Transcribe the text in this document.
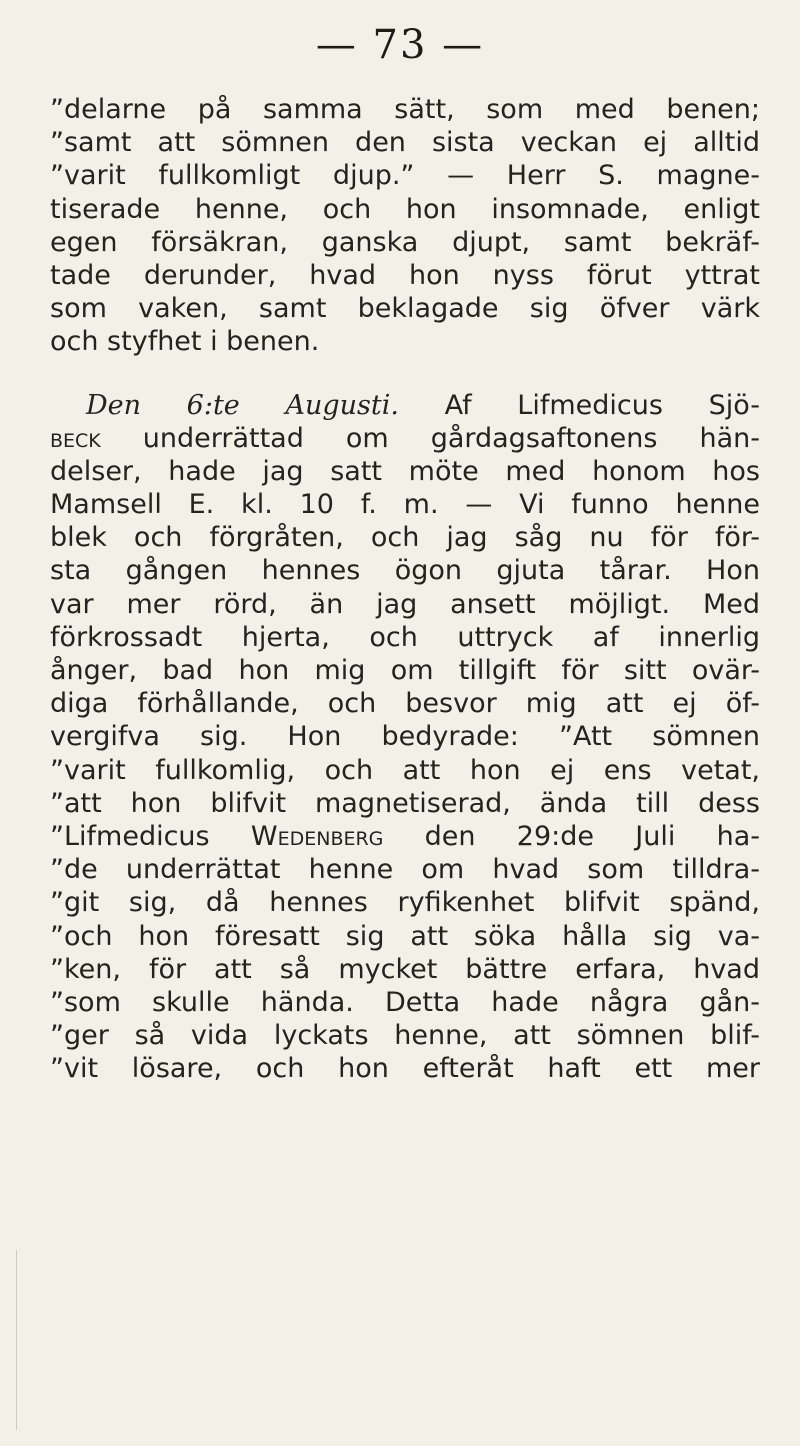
— 73 —
”delarne på samma sätt, som med benen;
”samt att sömnen den sista veckan ej alltid
”varit fullkomligt djup.” — Herr S. magne-
tiserade henne, och hon insomnade, enligt
egen försäkran, ganska djupt, samt bekräf-
tade derunder, hvad hon nyss förut yttrat
som vaken, samt beklagade sig öfver värk
och styfhet i benen.
Den 6:te Augusti. Af Lifmedicus Sjö-
beck underrättad om gårdagsaftonens hän-
delser, hade jag satt möte med honom hos
Mamsell E. kl. 10 f. m. — Vi funno henne
blek och förgråten, och jag såg nu för för-
sta gången hennes ögon gjuta tårar. Hon
var mer rörd, än jag ansett möjligt. Med
förkrossadt hjerta, och uttryck af innerlig
ånger, bad hon mig om tillgift för sitt ovär-
diga förhållande, och besvor mig att ej öf-
vergifva sig. Hon bedyrade: ”Att sömnen
”varit fullkomlig, och att hon ej ens vetat,
”att hon blifvit magnetiserad, ända till dess
”Lifmedicus Wedenberg den 29:de Juli ha-
”de underrättat henne om hvad som tilldra-
”git sig, då hennes ryfikenhet blifvit spänd,
”och hon föresatt sig att söka hålla sig va-
”ken, för att så mycket bättre erfara, hvad
”som skulle hända. Detta hade några gån-
”ger så vida lyckats henne, att sömnen blif-
”vit lösare, och hon efteråt haft ett mer
